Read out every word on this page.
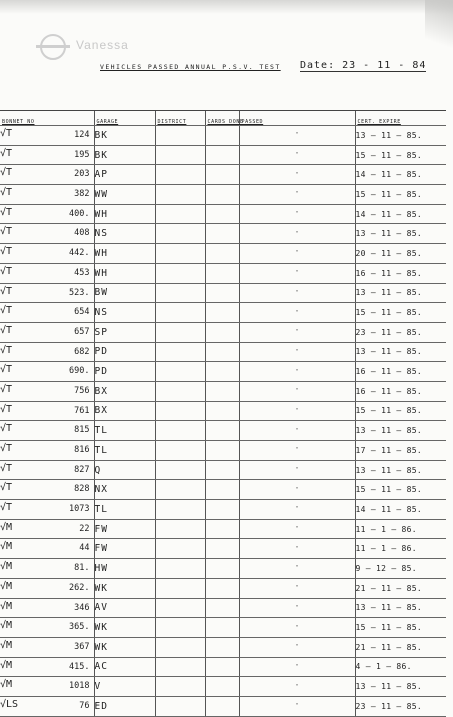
Vanessa
VEHICLES PASSED ANNUAL P.S.V. TEST Date: 23 - 11 - 84
BONNET NO	GARAGE	DISTRICT	CARDS DONE	PASSED	CERT. EXPIRE

√T 124	BK			"	13 – 11 – 85.

√T 195	BK			"	15 – 11 – 85.

√T 203	AP			"	14 – 11 – 85.

√T 382	WW			"	15 – 11 – 85.

√T 400.	WH			"	14 – 11 – 85.

√T 408	NS			"	13 – 11 – 85.

√T 442.	WH			"	20 – 11 – 85.

√T 453	WH			"	16 – 11 – 85.

√T 523.	BW			"	13 – 11 – 85.

√T 654	NS			"	15 – 11 – 85.

√T 657	SP			"	23 – 11 – 85.

√T 682	PD			"	13 – 11 – 85.

√T 690.	PD			"	16 – 11 – 85.

√T 756	BX			"	16 – 11 – 85.

√T 761	BX			"	15 – 11 – 85.

√T 815	TL			"	13 – 11 – 85.

√T 816	TL			"	17 – 11 – 85.

√T 827	Q			"	13 – 11 – 85.

√T 828	NX			"	15 – 11 – 85.

√T 1073	TL			"	14 – 11 – 85.

√M 22	FW			"	11 – 1 – 86.

√M 44	FW			"	11 – 1 – 86.

√M 81.	HW			"	9 – 12 – 85.

√M 262.	WK			"	21 – 11 – 85.

√M 346	AV			"	13 – 11 – 85.

√M 365.	WK			"	15 – 11 – 85.

√M 367	WK			"	21 – 11 – 85.

√M 415.	AC			"	4 – 1 – 86.

√M 1018	V			"	13 – 11 – 85.

√LS 76	ED			"	23 – 11 – 85.
